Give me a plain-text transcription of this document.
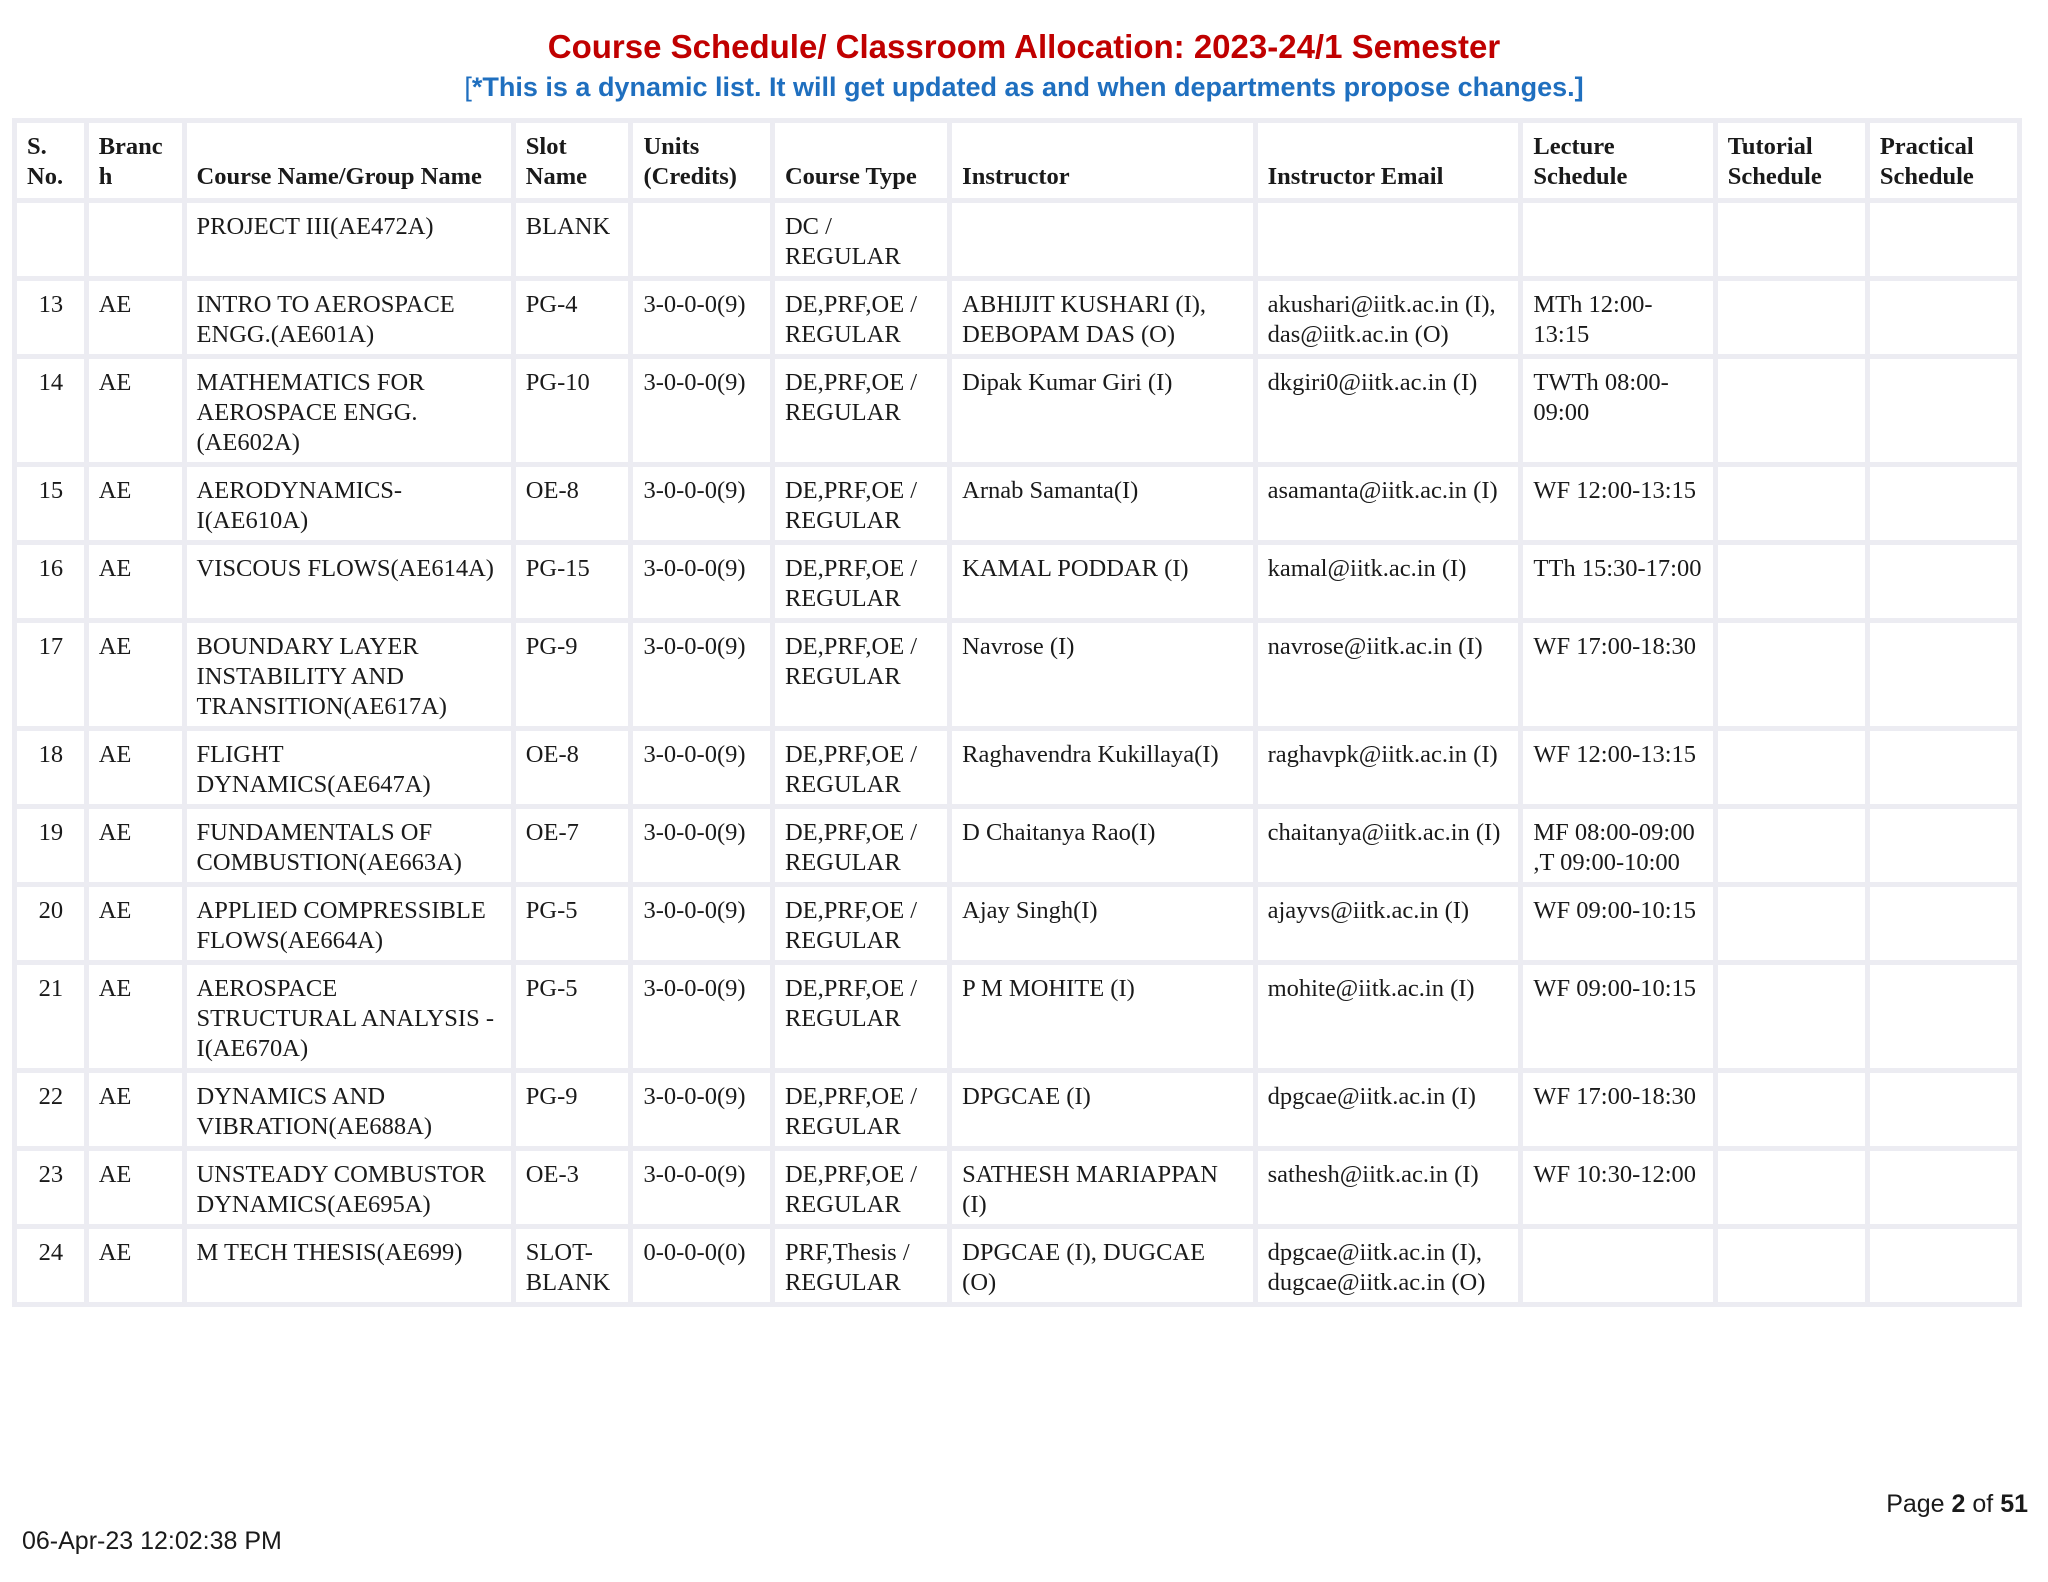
Course Schedule/ Classroom Allocation: 2023-24/1 Semester
[*This is a dynamic list. It will get updated as and when departments propose changes.]
S. No.	Branch	Course Name/Group Name	Slot Name	Units (Credits)	Course Type	Instructor	Instructor Email	Lecture Schedule	Tutorial Schedule	Practical Schedule
		PROJECT III(AE472A)	BLANK		DC / REGULAR					
13	AE	INTRO TO AEROSPACE ENGG.(AE601A)	PG-4	3-0-0-0(9)	DE,PRF,OE / REGULAR	ABHIJIT KUSHARI (I), DEBOPAM DAS (O)	akushari@iitk.ac.in (I), das@iitk.ac.in (O)	MTh 12:00-13:15		
14	AE	MATHEMATICS FOR AEROSPACE ENGG.(AE602A)	PG-10	3-0-0-0(9)	DE,PRF,OE / REGULAR	Dipak Kumar Giri (I)	dkgiri0@iitk.ac.in (I)	TWTh 08:00-09:00		
15	AE	AERODYNAMICS-I(AE610A)	OE-8	3-0-0-0(9)	DE,PRF,OE / REGULAR	Arnab Samanta(I)	asamanta@iitk.ac.in (I)	WF 12:00-13:15		
16	AE	VISCOUS FLOWS(AE614A)	PG-15	3-0-0-0(9)	DE,PRF,OE / REGULAR	KAMAL PODDAR (I)	kamal@iitk.ac.in (I)	TTh 15:30-17:00		
17	AE	BOUNDARY LAYER INSTABILITY AND TRANSITION(AE617A)	PG-9	3-0-0-0(9)	DE,PRF,OE / REGULAR	Navrose (I)	navrose@iitk.ac.in (I)	WF 17:00-18:30		
18	AE	FLIGHT DYNAMICS(AE647A)	OE-8	3-0-0-0(9)	DE,PRF,OE / REGULAR	Raghavendra Kukillaya(I)	raghavpk@iitk.ac.in (I)	WF 12:00-13:15		
19	AE	FUNDAMENTALS OF COMBUSTION(AE663A)	OE-7	3-0-0-0(9)	DE,PRF,OE / REGULAR	D Chaitanya Rao(I)	chaitanya@iitk.ac.in (I)	MF 08:00-09:00 ,T 09:00-10:00		
20	AE	APPLIED COMPRESSIBLE FLOWS(AE664A)	PG-5	3-0-0-0(9)	DE,PRF,OE / REGULAR	Ajay Singh(I)	ajayvs@iitk.ac.in (I)	WF 09:00-10:15		
21	AE	AEROSPACE STRUCTURAL ANALYSIS - I(AE670A)	PG-5	3-0-0-0(9)	DE,PRF,OE / REGULAR	P M MOHITE (I)	mohite@iitk.ac.in (I)	WF 09:00-10:15		
22	AE	DYNAMICS AND VIBRATION(AE688A)	PG-9	3-0-0-0(9)	DE,PRF,OE / REGULAR	DPGCAE (I)	dpgcae@iitk.ac.in (I)	WF 17:00-18:30		
23	AE	UNSTEADY COMBUSTOR DYNAMICS(AE695A)	OE-3	3-0-0-0(9)	DE,PRF,OE / REGULAR	SATHESH MARIAPPAN (I)	sathesh@iitk.ac.in (I)	WF 10:30-12:00		
24	AE	M TECH THESIS(AE699)	SLOT-BLANK	0-0-0-0(0)	PRF,Thesis / REGULAR	DPGCAE (I), DUGCAE (O)	dpgcae@iitk.ac.in (I), dugcae@iitk.ac.in (O)			
Page 2 of 51
06-Apr-23 12:02:38 PM
